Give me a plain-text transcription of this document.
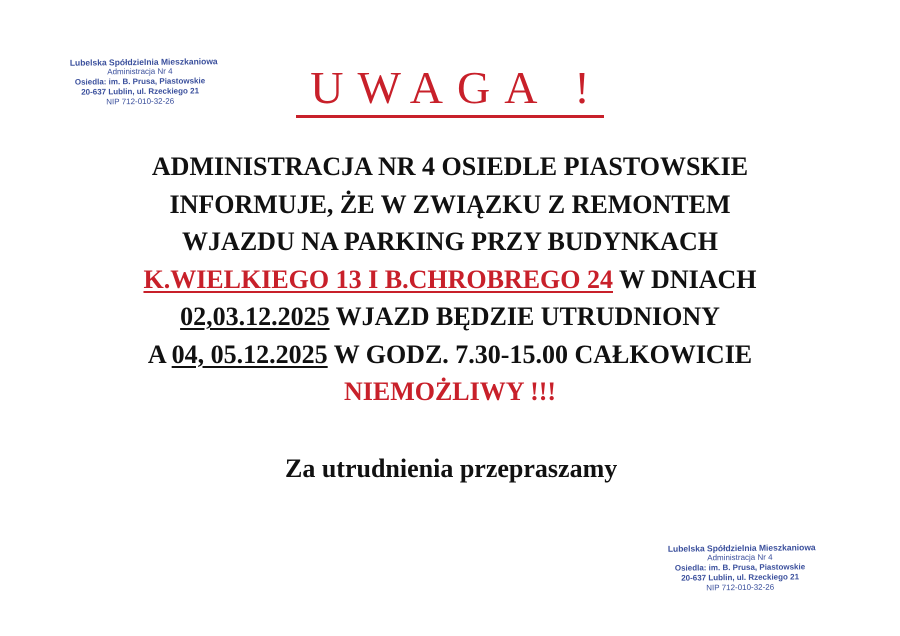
Lubelska Spółdzielnia Mieszkaniowa
Administracja Nr 4
Osiedla: im. B. Prusa, Piastowskie
20-637 Lublin, ul. Rzeckiego 21
NIP 712-010-32-26	UWAGA !
ADMINISTRACJA NR 4 OSIEDLE PIASTOWSKIE
INFORMUJE, ŻE W ZWIĄZKU Z REMONTEM
WJAZDU NA PARKING PRZY BUDYNKACH
K.WIELKIEGO 13 I B.CHROBREGO 24 W DNIACH
02,03.12.2025 WJAZD BĘDZIE UTRUDNIONY
A 04, 05.12.2025 W GODZ. 7.30-15.00 CAŁKOWICIE
NIEMOŻLIWY !!!
Za utrudnienia przepraszamy
Lubelska Spółdzielnia Mieszkaniowa
Administracja Nr 4
Osiedla: im. B. Prusa, Piastowskie
20-637 Lublin, ul. Rzeckiego 21
NIP 712-010-32-26
